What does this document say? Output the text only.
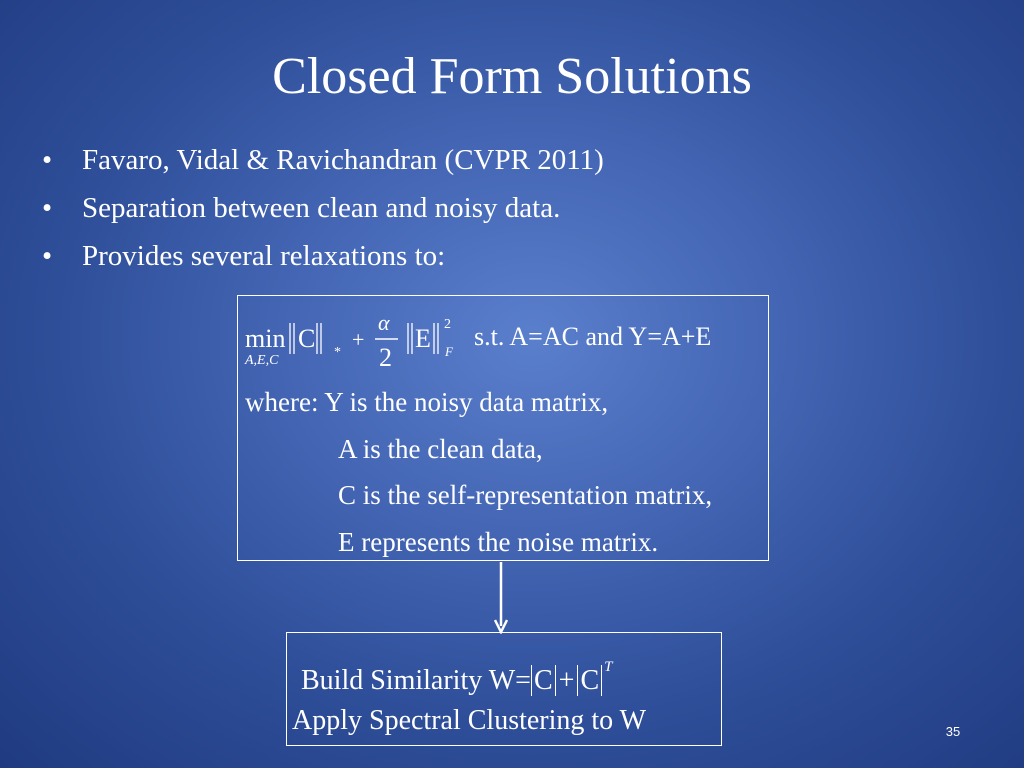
Closed Form Solutions
• Favaro, Vidal & Ravichandran (CVPR 2011)
• Separation between clean and noisy data.
• Provides several relaxations to:
min
A,E,C
C *
+
α
2
E 2
F
s.t. A=AC and Y=A+E
where: Y is the noisy data matrix,
A is the clean data,
C is the self-representation matrix,
E represents the noise matrix.
Build Similarity W= C + C $^T$
Apply Spectral Clustering to W	35
